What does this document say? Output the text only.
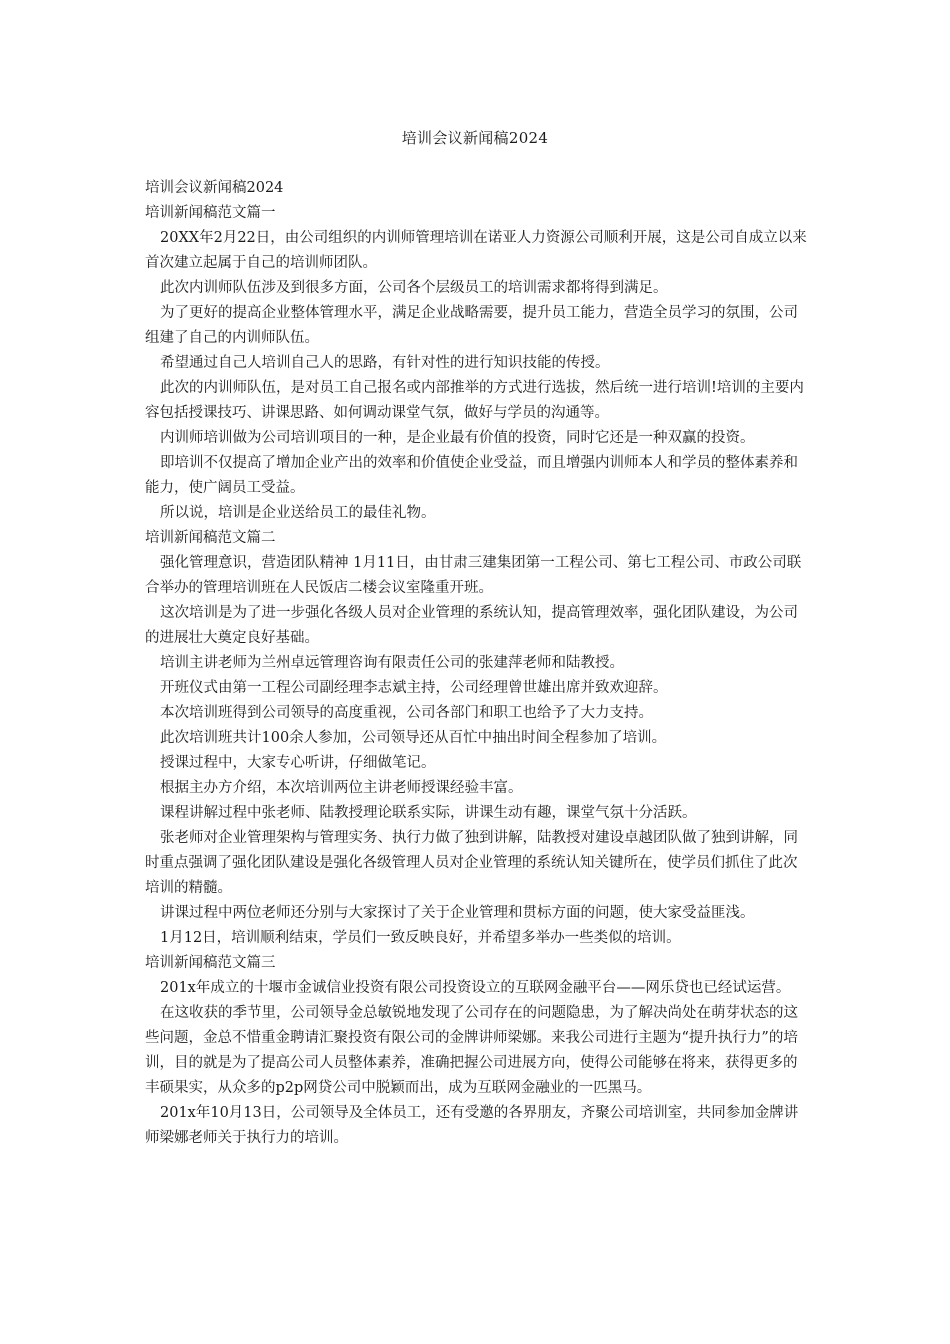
培训会议新闻稿2024

培训会议新闻稿2024

培训新闻稿范文篇一

20XX年2月22日，由公司组织的内训师管理培训在诺亚人力资源公司顺利开展，这是公司自成立以来首次建立起属于自己的培训师团队。

此次内训师队伍涉及到很多方面，公司各个层级员工的培训需求都将得到满足。

为了更好的提高企业整体管理水平，满足企业战略需要，提升员工能力，营造全员学习的氛围，公司组建了自己的内训师队伍。

希望通过自己人培训自己人的思路，有针对性的进行知识技能的传授。

此次的内训师队伍，是对员工自己报名或内部推举的方式进行选拔，然后统一进行培训!培训的主要内容包括授课技巧、讲课思路、如何调动课堂气氛，做好与学员的沟通等。

内训师培训做为公司培训项目的一种，是企业最有价值的投资，同时它还是一种双赢的投资。

即培训不仅提高了增加企业产出的效率和价值使企业受益，而且增强内训师本人和学员的整体素养和能力，使广阔员工受益。

所以说，培训是企业送给员工的最佳礼物。

培训新闻稿范文篇二

强化管理意识，营造团队精神 1月11日，由甘肃三建集团第一工程公司、第七工程公司、市政公司联合举办的管理培训班在人民饭店二楼会议室隆重开班。

这次培训是为了进一步强化各级人员对企业管理的系统认知，提高管理效率，强化团队建设，为公司的进展壮大奠定良好基础。

培训主讲老师为兰州卓远管理咨询有限责任公司的张建萍老师和陆教授。

开班仪式由第一工程公司副经理李志斌主持，公司经理曾世雄出席并致欢迎辞。

本次培训班得到公司领导的高度重视，公司各部门和职工也给予了大力支持。

此次培训班共计100余人参加，公司领导还从百忙中抽出时间全程参加了培训。

授课过程中，大家专心听讲，仔细做笔记。

根据主办方介绍，本次培训两位主讲老师授课经验丰富。

课程讲解过程中张老师、陆教授理论联系实际，讲课生动有趣，课堂气氛十分活跃。

张老师对企业管理架构与管理实务、执行力做了独到讲解，陆教授对建设卓越团队做了独到讲解，同时重点强调了强化团队建设是强化各级管理人员对企业管理的系统认知关键所在，使学员们抓住了此次培训的精髓。

讲课过程中两位老师还分别与大家探讨了关于企业管理和贯标方面的问题，使大家受益匪浅。

1月12日，培训顺利结束，学员们一致反映良好，并希望多举办一些类似的培训。

培训新闻稿范文篇三

201x年成立的十堰市金诚信业投资有限公司投资设立的互联网金融平台——网乐贷也已经试运营。

在这收获的季节里，公司领导金总敏锐地发现了公司存在的问题隐患，为了解决尚处在萌芽状态的这些问题，金总不惜重金聘请汇聚投资有限公司的金牌讲师梁娜。来我公司进行主题为“提升执行力”的培训，目的就是为了提高公司人员整体素养，准确把握公司进展方向，使得公司能够在将来，获得更多的丰硕果实，从众多的p2p网贷公司中脱颖而出，成为互联网金融业的一匹黑马。

201x年10月13日，公司领导及全体员工，还有受邀的各界朋友，齐聚公司培训室，共同参加金牌讲师梁娜老师关于执行力的培训。
